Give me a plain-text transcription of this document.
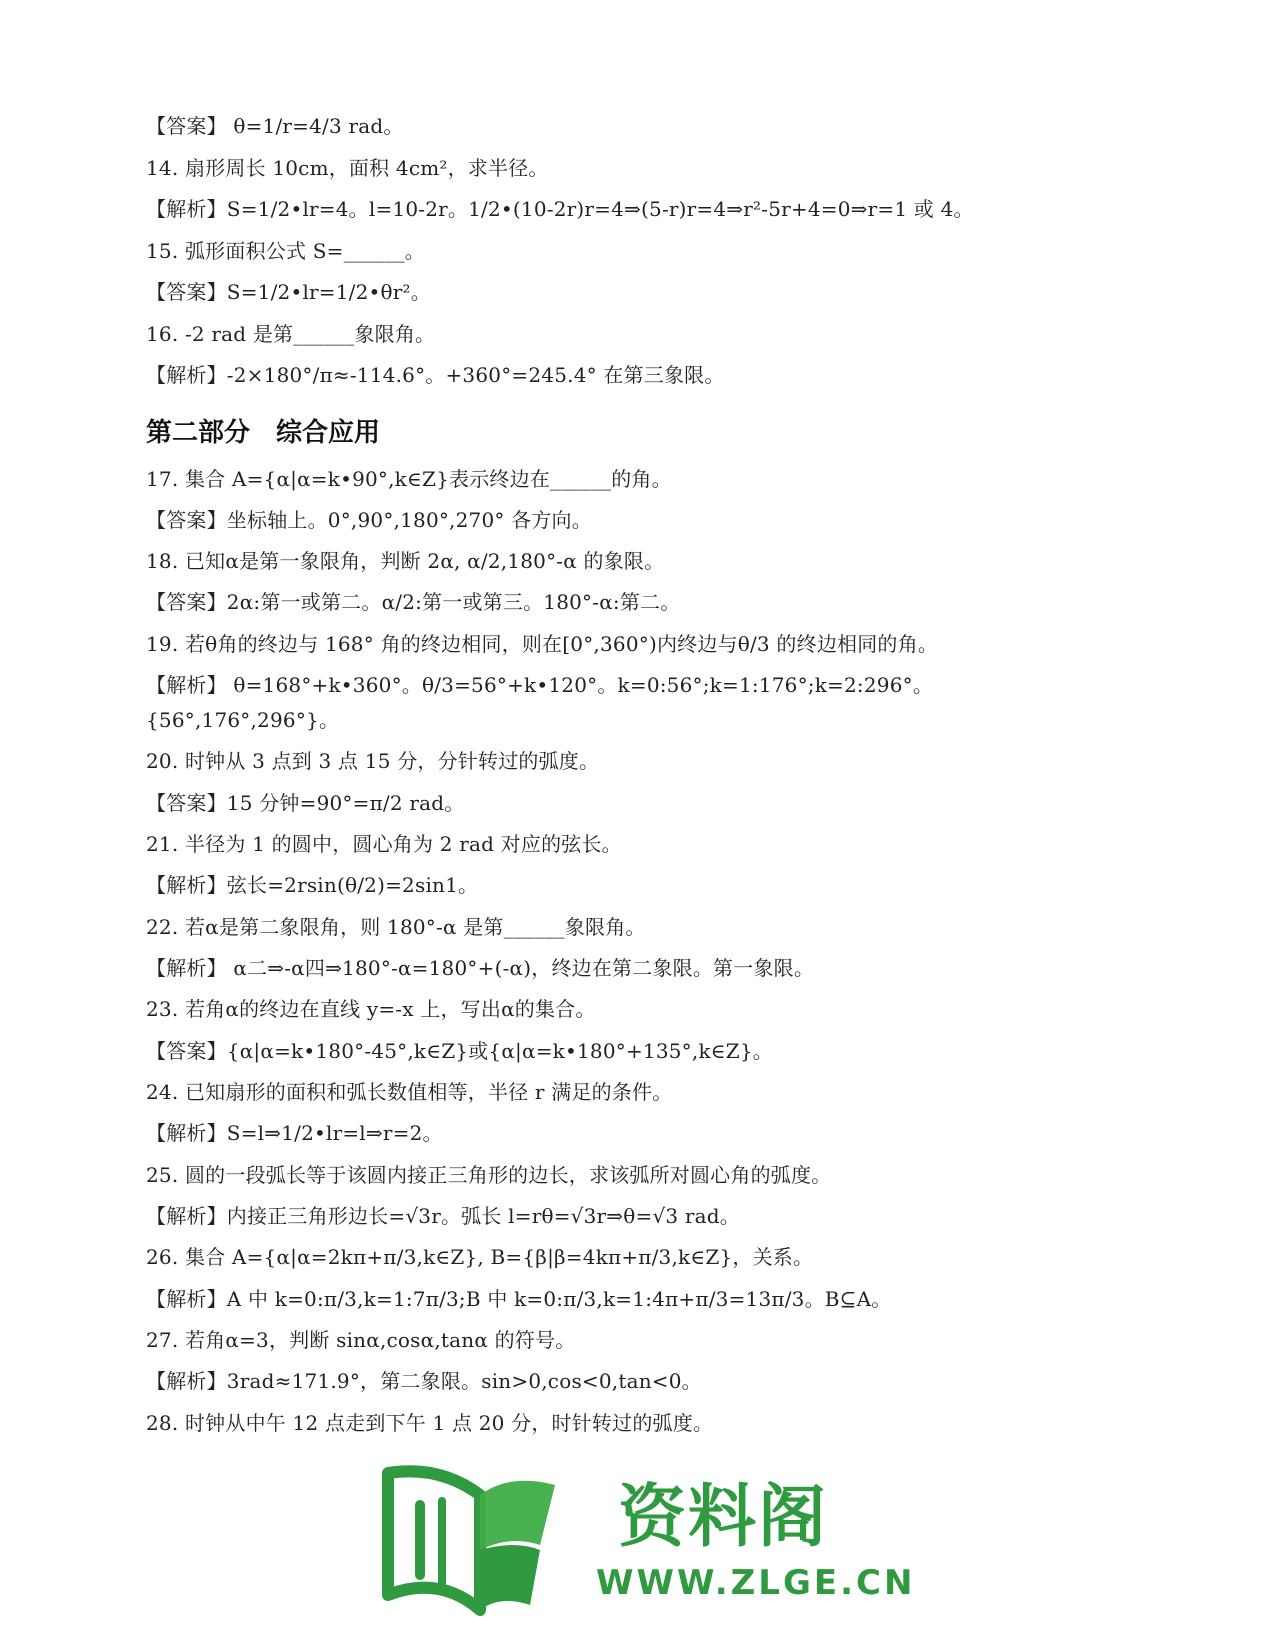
【答案】 θ=1/r=4/3 rad。
14. 扇形周长 10cm，面积 4cm²，求半径。
【解析】S=1/2•lr=4。l=10-2r。1/2•(10-2r)r=4⇒(5-r)r=4⇒r²-5r+4=0⇒r=1 或 4。
15. 弧形面积公式 S=______。
【答案】S=1/2•lr=1/2•θr²。
16. -2 rad 是第______象限角。
【解析】-2×180°/π≈-114.6°。+360°=245.4° 在第三象限。
第二部分　综合应用
17. 集合 A={α|α=k•90°,k∈Z}表示终边在______的角。
【答案】坐标轴上。0°,90°,180°,270° 各方向。
18. 已知α是第一象限角，判断 2α, α/2,180°-α 的象限。
【答案】2α:第一或第二。α/2:第一或第三。180°-α:第二。
19. 若θ角的终边与 168° 角的终边相同，则在[0°,360°)内终边与θ/3 的终边相同的角。
【解析】 θ=168°+k•360°。θ/3=56°+k•120°。k=0:56°;k=1:176°;k=2:296°。
{56°,176°,296°}。
20. 时钟从 3 点到 3 点 15 分，分针转过的弧度。
【答案】15 分钟=90°=π/2 rad。
21. 半径为 1 的圆中，圆心角为 2 rad 对应的弦长。
【解析】弦长=2rsin(θ/2)=2sin1。
22. 若α是第二象限角，则 180°-α 是第______象限角。
【解析】 α二⇒-α四⇒180°-α=180°+(-α)，终边在第二象限。第一象限。
23. 若角α的终边在直线 y=-x 上，写出α的集合。
【答案】{α|α=k•180°-45°,k∈Z}或{α|α=k•180°+135°,k∈Z}。
24. 已知扇形的面积和弧长数值相等，半径 r 满足的条件。
【解析】S=l⇒1/2•lr=l⇒r=2。
25. 圆的一段弧长等于该圆内接正三角形的边长，求该弧所对圆心角的弧度。
【解析】内接正三角形边长=√3r。弧长 l=rθ=√3r⇒θ=√3 rad。
26. 集合 A={α|α=2kπ+π/3,k∈Z}, B={β|β=4kπ+π/3,k∈Z}，关系。
【解析】A 中 k=0:π/3,k=1:7π/3;B 中 k=0:π/3,k=1:4π+π/3=13π/3。B⊆A。
27. 若角α=3，判断 sinα,cosα,tanα 的符号。
【解析】3rad≈171.9°，第二象限。sin>0,cos<0,tan<0。
28. 时钟从中午 12 点走到下午 1 点 20 分，时针转过的弧度。
资料阁
WWW.ZLGE.CN
